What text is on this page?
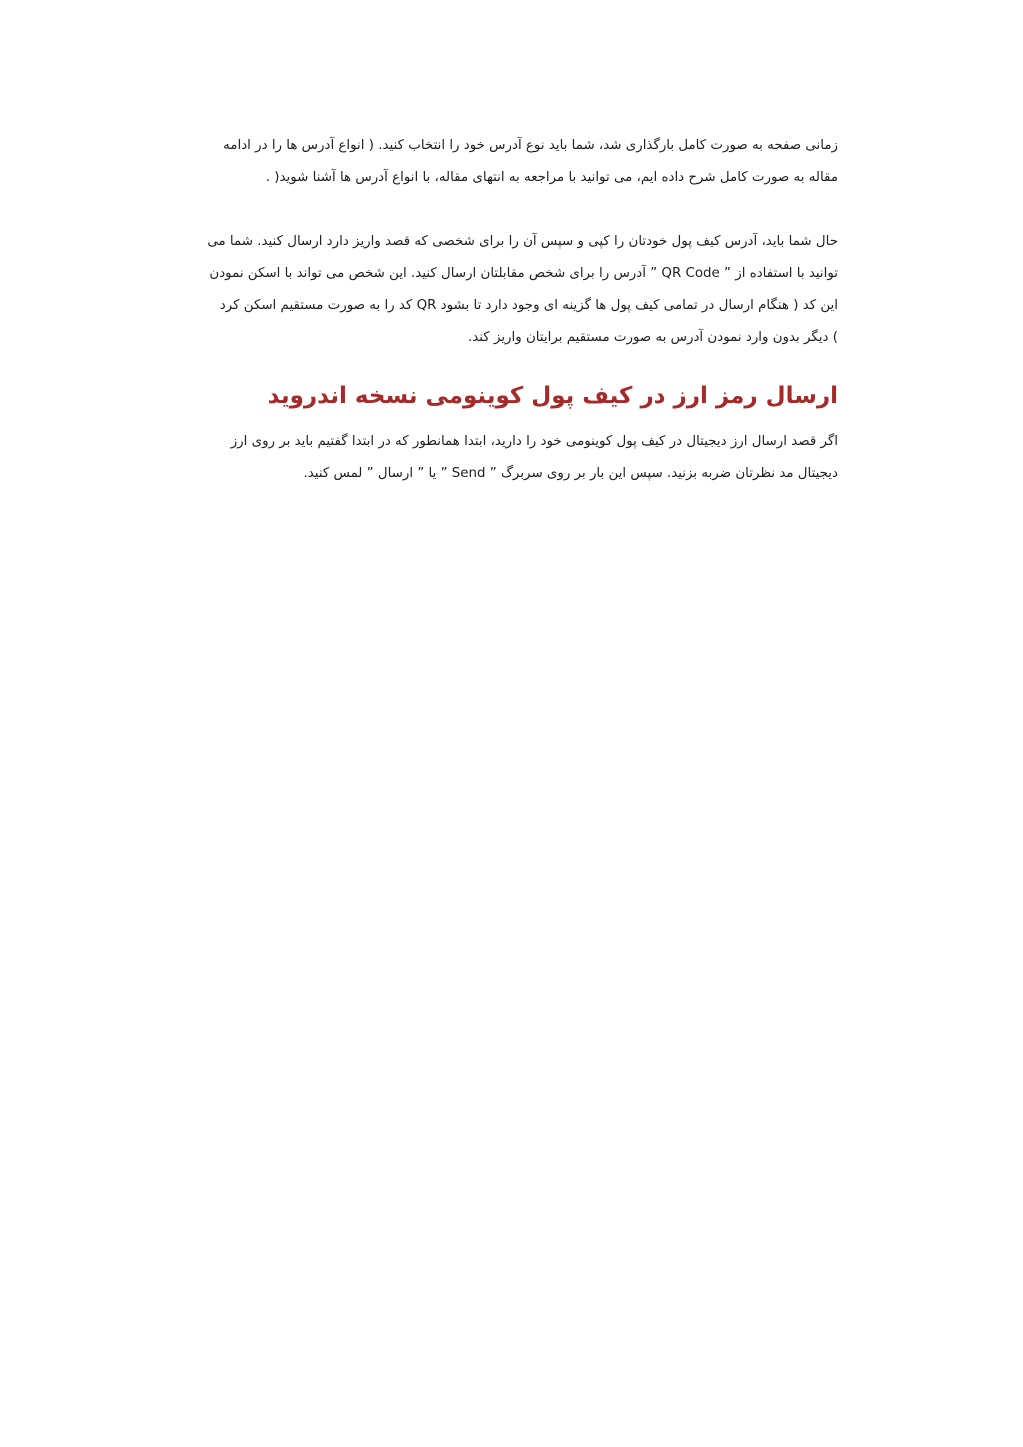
زمانی صفحه به صورت کامل بارگذاری شد، شما باید نوع آدرس خود را انتخاب کنید. ( انواع آدرس ها را در ادامه
مقاله به صورت کامل شرح داده ایم، می توانید با مراجعه به انتهای مقاله، با انواع آدرس ها آشنا شوید( .

حال شما باید، آدرس کیف پول خودتان را کپی و سپس آن را برای شخصی که قصد واریز دارد ارسال کنید. شما می
توانید با استفاده از ” QR Code ” آدرس را برای شخص مقابلتان ارسال کنید. این شخص می تواند با اسکن نمودن
این کد ( هنگام ارسال در تمامی کیف پول ها گزینه ای وجود دارد تا بشود QR کد را به صورت مستقیم اسکن کرد
) دیگر بدون وارد نمودن آدرس به صورت مستقیم برایتان واریز کند.

ارسال رمز ارز در کیف پول کوینومی نسخه اندروید

اگر قصد ارسال ارز دیجیتال در کیف پول کوینومی خود را دارید، ابتدا همانطور که در ابتدا گفتیم باید بر روی ارز
دیجیتال مد نظرتان ضربه بزنید. سپس این بار بر روی سربرگ ” Send ” یا ” ارسال ” لمس کنید.
